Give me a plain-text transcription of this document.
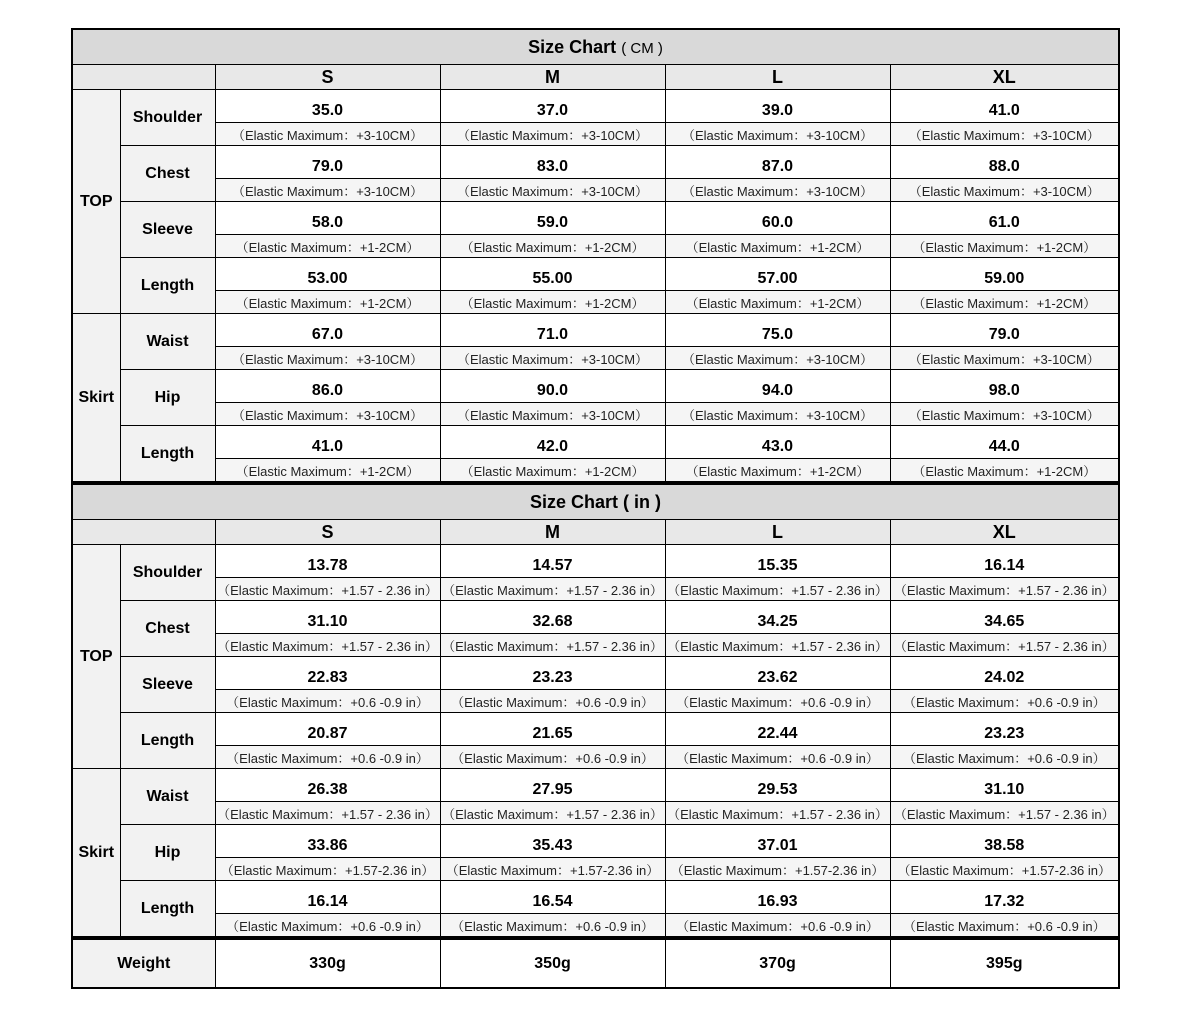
Size Chart ( CM )					
		S	M	L	XL
TOP	Shoulder	35.0	37.0	39.0	41.0
		（Elastic Maximum：+3-10CM）	（Elastic Maximum：+3-10CM）	（Elastic Maximum：+3-10CM）	（Elastic Maximum：+3-10CM）
	Chest	79.0	83.0	87.0	88.0
		（Elastic Maximum：+3-10CM）	（Elastic Maximum：+3-10CM）	（Elastic Maximum：+3-10CM）	（Elastic Maximum：+3-10CM）
	Sleeve	58.0	59.0	60.0	61.0
		（Elastic Maximum：+1-2CM）	（Elastic Maximum：+1-2CM）	（Elastic Maximum：+1-2CM）	（Elastic Maximum：+1-2CM）
	Length	53.00	55.00	57.00	59.00
		（Elastic Maximum：+1-2CM）	（Elastic Maximum：+1-2CM）	（Elastic Maximum：+1-2CM）	（Elastic Maximum：+1-2CM）
Skirt	Waist	67.0	71.0	75.0	79.0
		（Elastic Maximum：+3-10CM）	（Elastic Maximum：+3-10CM）	（Elastic Maximum：+3-10CM）	（Elastic Maximum：+3-10CM）
	Hip	86.0	90.0	94.0	98.0
		（Elastic Maximum：+3-10CM）	（Elastic Maximum：+3-10CM）	（Elastic Maximum：+3-10CM）	（Elastic Maximum：+3-10CM）
	Length	41.0	42.0	43.0	44.0
		（Elastic Maximum：+1-2CM）	（Elastic Maximum：+1-2CM）	（Elastic Maximum：+1-2CM）	（Elastic Maximum：+1-2CM）
Size Chart ( in )					
		S	M	L	XL
TOP	Shoulder	13.78	14.57	15.35	16.14
		（Elastic Maximum：+1.57 - 2.36 in）	（Elastic Maximum：+1.57 - 2.36 in）	（Elastic Maximum：+1.57 - 2.36 in）	（Elastic Maximum：+1.57 - 2.36 in）
	Chest	31.10	32.68	34.25	34.65
		（Elastic Maximum：+1.57 - 2.36 in）	（Elastic Maximum：+1.57 - 2.36 in）	（Elastic Maximum：+1.57 - 2.36 in）	（Elastic Maximum：+1.57 - 2.36 in）
	Sleeve	22.83	23.23	23.62	24.02
		（Elastic Maximum：+0.6 -0.9 in）	（Elastic Maximum：+0.6 -0.9 in）	（Elastic Maximum：+0.6 -0.9 in）	（Elastic Maximum：+0.6 -0.9 in）
	Length	20.87	21.65	22.44	23.23
		（Elastic Maximum：+0.6 -0.9 in）	（Elastic Maximum：+0.6 -0.9 in）	（Elastic Maximum：+0.6 -0.9 in）	（Elastic Maximum：+0.6 -0.9 in）
Skirt	Waist	26.38	27.95	29.53	31.10
		（Elastic Maximum：+1.57 - 2.36 in）	（Elastic Maximum：+1.57 - 2.36 in）	（Elastic Maximum：+1.57 - 2.36 in）	（Elastic Maximum：+1.57 - 2.36 in）
	Hip	33.86	35.43	37.01	38.58
		（Elastic Maximum：+1.57-2.36 in）	（Elastic Maximum：+1.57-2.36 in）	（Elastic Maximum：+1.57-2.36 in）	（Elastic Maximum：+1.57-2.36 in）
	Length	16.14	16.54	16.93	17.32
		（Elastic Maximum：+0.6 -0.9 in）	（Elastic Maximum：+0.6 -0.9 in）	（Elastic Maximum：+0.6 -0.9 in）	（Elastic Maximum：+0.6 -0.9 in）
Weight	330g	350g	370g	395g
